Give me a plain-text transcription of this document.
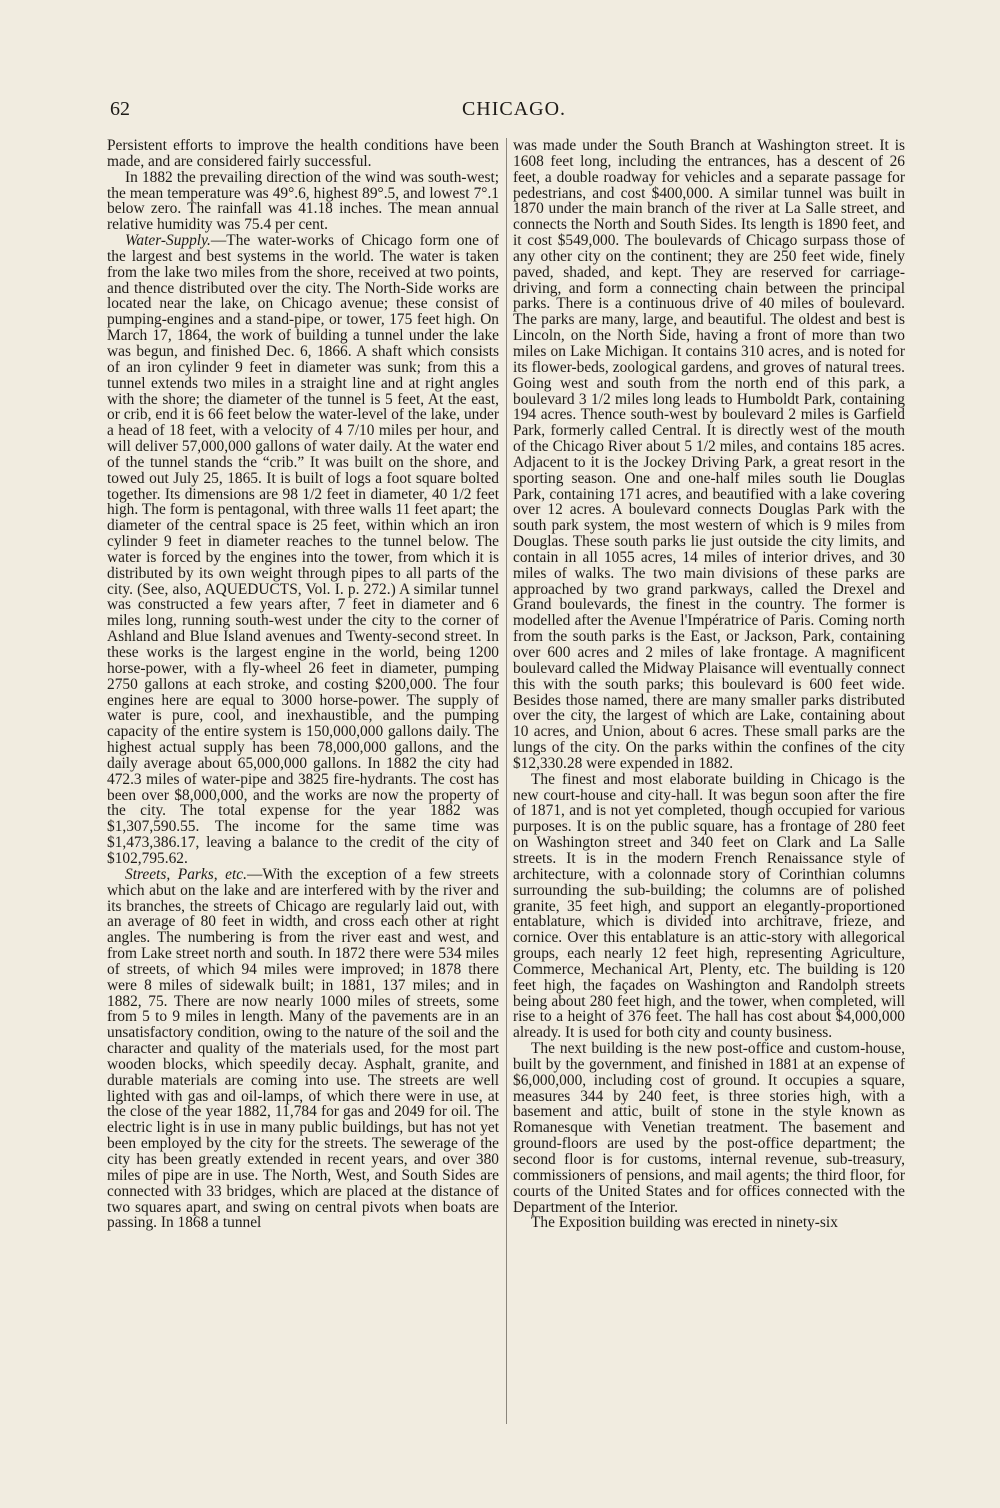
62	CHICAGO.

Persistent efforts to improve the health conditions have been made, and are considered fairly successful.

In 1882 the prevailing direction of the wind was south-west; the mean temperature was 49°.6, highest 89°.5, and lowest 7°.1 below zero. The rainfall was 41.18 inches. The mean annual relative humidity was 75.4 per cent.

Water-Supply.—The water-works of Chicago form one of the largest and best systems in the world. The water is taken from the lake two miles from the shore, received at two points, and thence distributed over the city. The North-Side works are located near the lake, on Chicago avenue; these consist of pumping-engines and a stand-pipe, or tower, 175 feet high. On March 17, 1864, the work of building a tunnel under the lake was begun, and finished Dec. 6, 1866. A shaft which consists of an iron cylinder 9 feet in diameter was sunk; from this a tunnel extends two miles in a straight line and at right angles with the shore; the diameter of the tunnel is 5 feet, At the east, or crib, end it is 66 feet below the water-level of the lake, under a head of 18 feet, with a velocity of 4 7/10 miles per hour, and will deliver 57,000,000 gallons of water daily. At the water end of the tunnel stands the “crib.” It was built on the shore, and towed out July 25, 1865. It is built of logs a foot square bolted together. Its dimensions are 98 1/2 feet in diameter, 40 1/2 feet high. The form is pentagonal, with three walls 11 feet apart; the diameter of the central space is 25 feet, within which an iron cylinder 9 feet in diameter reaches to the tunnel below. The water is forced by the engines into the tower, from which it is distributed by its own weight through pipes to all parts of the city. (See, also, AQUEDUCTS, Vol. I. p. 272.) A similar tunnel was constructed a few years after, 7 feet in diameter and 6 miles long, running south-west under the city to the corner of Ashland and Blue Island avenues and Twenty-second street. In these works is the largest engine in the world, being 1200 horse-power, with a fly-wheel 26 feet in diameter, pumping 2750 gallons at each stroke, and costing $200,000. The four engines here are equal to 3000 horse-power. The supply of water is pure, cool, and inexhaustible, and the pumping capacity of the entire system is 150,000,000 gallons daily. The highest actual supply has been 78,000,000 gallons, and the daily average about 65,000,000 gallons. In 1882 the city had 472.3 miles of water-pipe and 3825 fire-hydrants. The cost has been over $8,000,000, and the works are now the property of the city. The total expense for the year 1882 was $1,307,590.55. The income for the same time was $1,473,386.17, leaving a balance to the credit of the city of $102,795.62.

Streets, Parks, etc.—With the exception of a few streets which abut on the lake and are interfered with by the river and its branches, the streets of Chicago are regularly laid out, with an average of 80 feet in width, and cross each other at right angles. The numbering is from the river east and west, and from Lake street north and south. In 1872 there were 534 miles of streets, of which 94 miles were improved; in 1878 there were 8 miles of sidewalk built; in 1881, 137 miles; and in 1882, 75. There are now nearly 1000 miles of streets, some from 5 to 9 miles in length. Many of the pavements are in an unsatisfactory condition, owing to the nature of the soil and the character and quality of the materials used, for the most part wooden blocks, which speedily decay. Asphalt, granite, and durable materials are coming into use. The streets are well lighted with gas and oil-lamps, of which there were in use, at the close of the year 1882, 11,784 for gas and 2049 for oil. The electric light is in use in many public buildings, but has not yet been employed by the city for the streets. The sewerage of the city has been greatly extended in recent years, and over 380 miles of pipe are in use. The North, West, and South Sides are connected with 33 bridges, which are placed at the distance of two squares apart, and swing on central pivots when boats are passing. In 1868 a tunnel

was made under the South Branch at Washington street. It is 1608 feet long, including the entrances, has a descent of 26 feet, a double roadway for vehicles and a separate passage for pedestrians, and cost $400,000. A similar tunnel was built in 1870 under the main branch of the river at La Salle street, and connects the North and South Sides. Its length is 1890 feet, and it cost $549,000. The boulevards of Chicago surpass those of any other city on the continent; they are 250 feet wide, finely paved, shaded, and kept. They are reserved for carriage-driving, and form a connecting chain between the principal parks. There is a continuous drive of 40 miles of boulevard. The parks are many, large, and beautiful. The oldest and best is Lincoln, on the North Side, having a front of more than two miles on Lake Michigan. It contains 310 acres, and is noted for its flower-beds, zoological gardens, and groves of natural trees. Going west and south from the north end of this park, a boulevard 3 1/2 miles long leads to Humboldt Park, containing 194 acres. Thence south-west by boulevard 2 miles is Garfield Park, formerly called Central. It is directly west of the mouth of the Chicago River about 5 1/2 miles, and contains 185 acres. Adjacent to it is the Jockey Driving Park, a great resort in the sporting season. One and one-half miles south lie Douglas Park, containing 171 acres, and beautified with a lake covering over 12 acres. A boulevard connects Douglas Park with the south park system, the most western of which is 9 miles from Douglas. These south parks lie just outside the city limits, and contain in all 1055 acres, 14 miles of interior drives, and 30 miles of walks. The two main divisions of these parks are approached by two grand parkways, called the Drexel and Grand boulevards, the finest in the country. The former is modelled after the Avenue l'Impératrice of Paris. Coming north from the south parks is the East, or Jackson, Park, containing over 600 acres and 2 miles of lake frontage. A magnificent boulevard called the Midway Plaisance will eventually connect this with the south parks; this boulevard is 600 feet wide. Besides those named, there are many smaller parks distributed over the city, the largest of which are Lake, containing about 10 acres, and Union, about 6 acres. These small parks are the lungs of the city. On the parks within the confines of the city $12,330.28 were expended in 1882.

The finest and most elaborate building in Chicago is the new court-house and city-hall. It was begun soon after the fire of 1871, and is not yet completed, though occupied for various purposes. It is on the public square, has a frontage of 280 feet on Washington street and 340 feet on Clark and La Salle streets. It is in the modern French Renaissance style of architecture, with a colonnade story of Corinthian columns surrounding the sub-building; the columns are of polished granite, 35 feet high, and support an elegantly-proportioned entablature, which is divided into architrave, frieze, and cornice. Over this entablature is an attic-story with allegorical groups, each nearly 12 feet high, representing Agriculture, Commerce, Mechanical Art, Plenty, etc. The building is 120 feet high, the façades on Washington and Randolph streets being about 280 feet high, and the tower, when completed, will rise to a height of 376 feet. The hall has cost about $4,000,000 already. It is used for both city and county business.

The next building is the new post-office and custom-house, built by the government, and finished in 1881 at an expense of $6,000,000, including cost of ground. It occupies a square, measures 344 by 240 feet, is three stories high, with a basement and attic, built of stone in the style known as Romanesque with Venetian treatment. The basement and ground-floors are used by the post-office department; the second floor is for customs, internal revenue, sub-treasury, commissioners of pensions, and mail agents; the third floor, for courts of the United States and for offices connected with the Department of the Interior.

The Exposition building was erected in ninety-six
